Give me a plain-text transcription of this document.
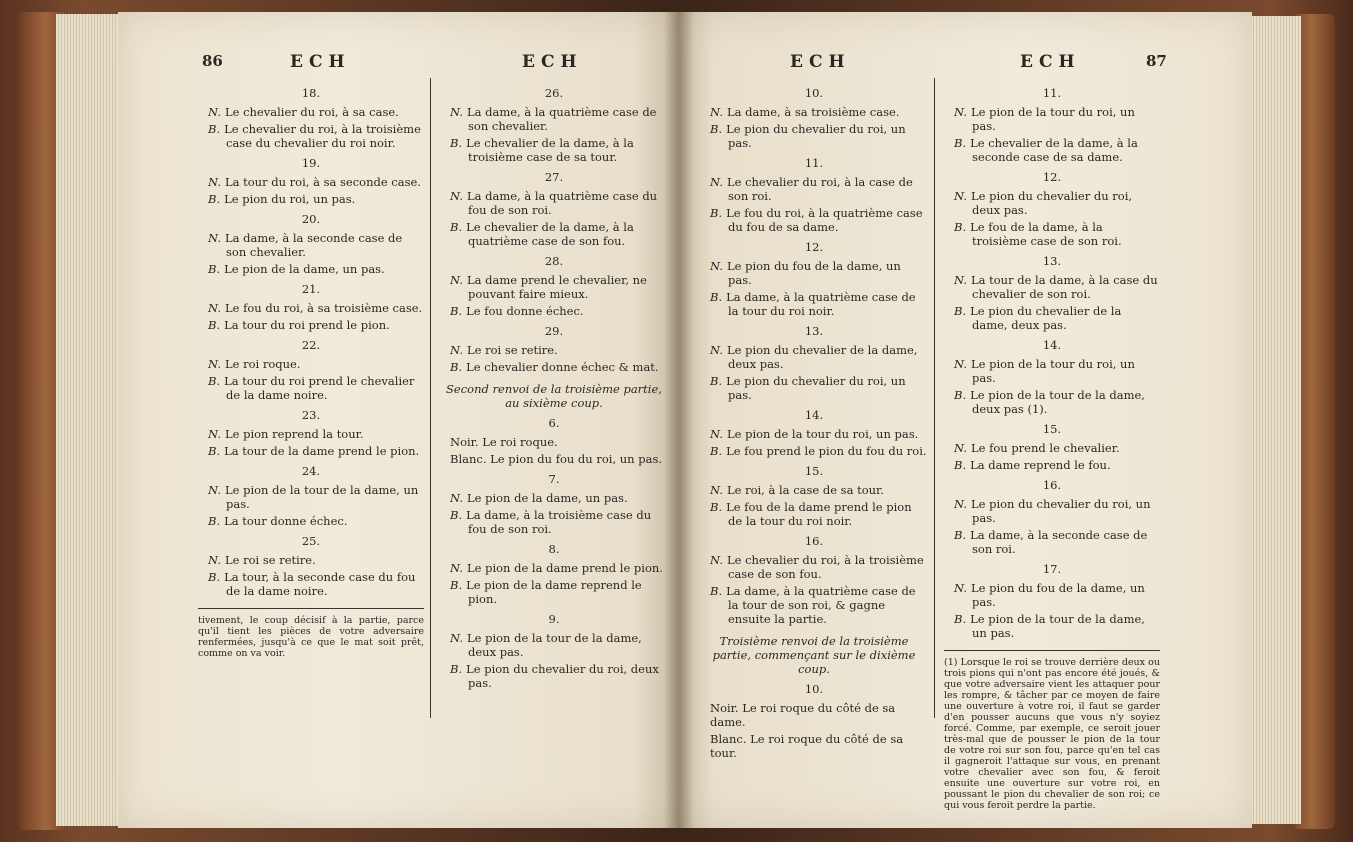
86	ECH	ECH	ECH	ECH	87
18.
N. Le chevalier du roi, à sa case.
B. Le chevalier du roi, à la troisième case du chevalier du roi noir.
19.
N. La tour du roi, à sa seconde case.
B. Le pion du roi, un pas.
20.
N. La dame, à la seconde case de son chevalier.
B. Le pion de la dame, un pas.
21.
N. Le fou du roi, à sa troisième case.
B. La tour du roi prend le pion.
22.
N. Le roi roque.
B. La tour du roi prend le chevalier de la dame noire.
23.
N. Le pion reprend la tour.
B. La tour de la dame prend le pion.
24.
N. Le pion de la tour de la dame, un pas.
B. La tour donne échec.
25.
N. Le roi se retire.
B. La tour, à la seconde case du fou de la dame noire.
tivement, le coup décisif à la partie, parce qu'il tient les pièces de votre adversaire renfermées, jusqu'à ce que le mat soit prêt, comme on va voir.
26.
N. La dame, à la quatrième case de son chevalier.
B. Le chevalier de la dame, à la troisième case de sa tour.
27.
N. La dame, à la quatrième case du fou de son roi.
B. Le chevalier de la dame, à la quatrième case de son fou.
28.
N. La dame prend le chevalier, ne pouvant faire mieux.
B. Le fou donne échec.
29.
N. Le roi se retire.
B. Le chevalier donne échec & mat.
Second renvoi de la troisième partie, au sixième coup.
6.
Noir. Le roi roque.
Blanc. Le pion du fou du roi, un pas.
7.
N. Le pion de la dame, un pas.
B. La dame, à la troisième case du fou de son roi.
8.
N. Le pion de la dame prend le pion.
B. Le pion de la dame reprend le pion.
9.
N. Le pion de la tour de la dame, deux pas.
B. Le pion du chevalier du roi, deux pas.
10.
N. La dame, à sa troisième case.
B. Le pion du chevalier du roi, un pas.
11.
N. Le chevalier du roi, à la case de son roi.
B. Le fou du roi, à la quatrième case du fou de sa dame.
12.
N. Le pion du fou de la dame, un pas.
B. La dame, à la quatrième case de la tour du roi noir.
13.
N. Le pion du chevalier de la dame, deux pas.
B. Le pion du chevalier du roi, un pas.
14.
N. Le pion de la tour du roi, un pas.
B. Le fou prend le pion du fou du roi.
15.
N. Le roi, à la case de sa tour.
B. Le fou de la dame prend le pion de la tour du roi noir.
16.
N. Le chevalier du roi, à la troisième case de son fou.
B. La dame, à la quatrième case de la tour de son roi, & gagne ensuite la partie.
Troisième renvoi de la troisième partie, commençant sur le dixième coup.
10.
Noir. Le roi roque du côté de sa dame.
Blanc. Le roi roque du côté de sa tour.
11.
N. Le pion de la tour du roi, un pas.
B. Le chevalier de la dame, à la seconde case de sa dame.
12.
N. Le pion du chevalier du roi, deux pas.
B. Le fou de la dame, à la troisième case de son roi.
13.
N. La tour de la dame, à la case du chevalier de son roi.
B. Le pion du chevalier de la dame, deux pas.
14.
N. Le pion de la tour du roi, un pas.
B. Le pion de la tour de la dame, deux pas (1).
15.
N. Le fou prend le chevalier.
B. La dame reprend le fou.
16.
N. Le pion du chevalier du roi, un pas.
B. La dame, à la seconde case de son roi.
17.
N. Le pion du fou de la dame, un pas.
B. Le pion de la tour de la dame, un pas.
(1) Lorsque le roi se trouve derrière deux ou trois pions qui n'ont pas encore été joués, & que votre adversaire vient les attaquer pour les rompre, & tâcher par ce moyen de faire une ouverture à votre roi, il faut se garder d'en pousser aucuns que vous n'y soyiez forcé. Comme, par exemple, ce seroit jouer très-mal que de pousser le pion de la tour de votre roi sur son fou, parce qu'en tel cas il gagneroit l'attaque sur vous, en prenant votre chevalier avec son fou, & feroit ensuite une ouverture sur votre roi, en poussant le pion du chevalier de son roi; ce qui vous feroit perdre la partie.
